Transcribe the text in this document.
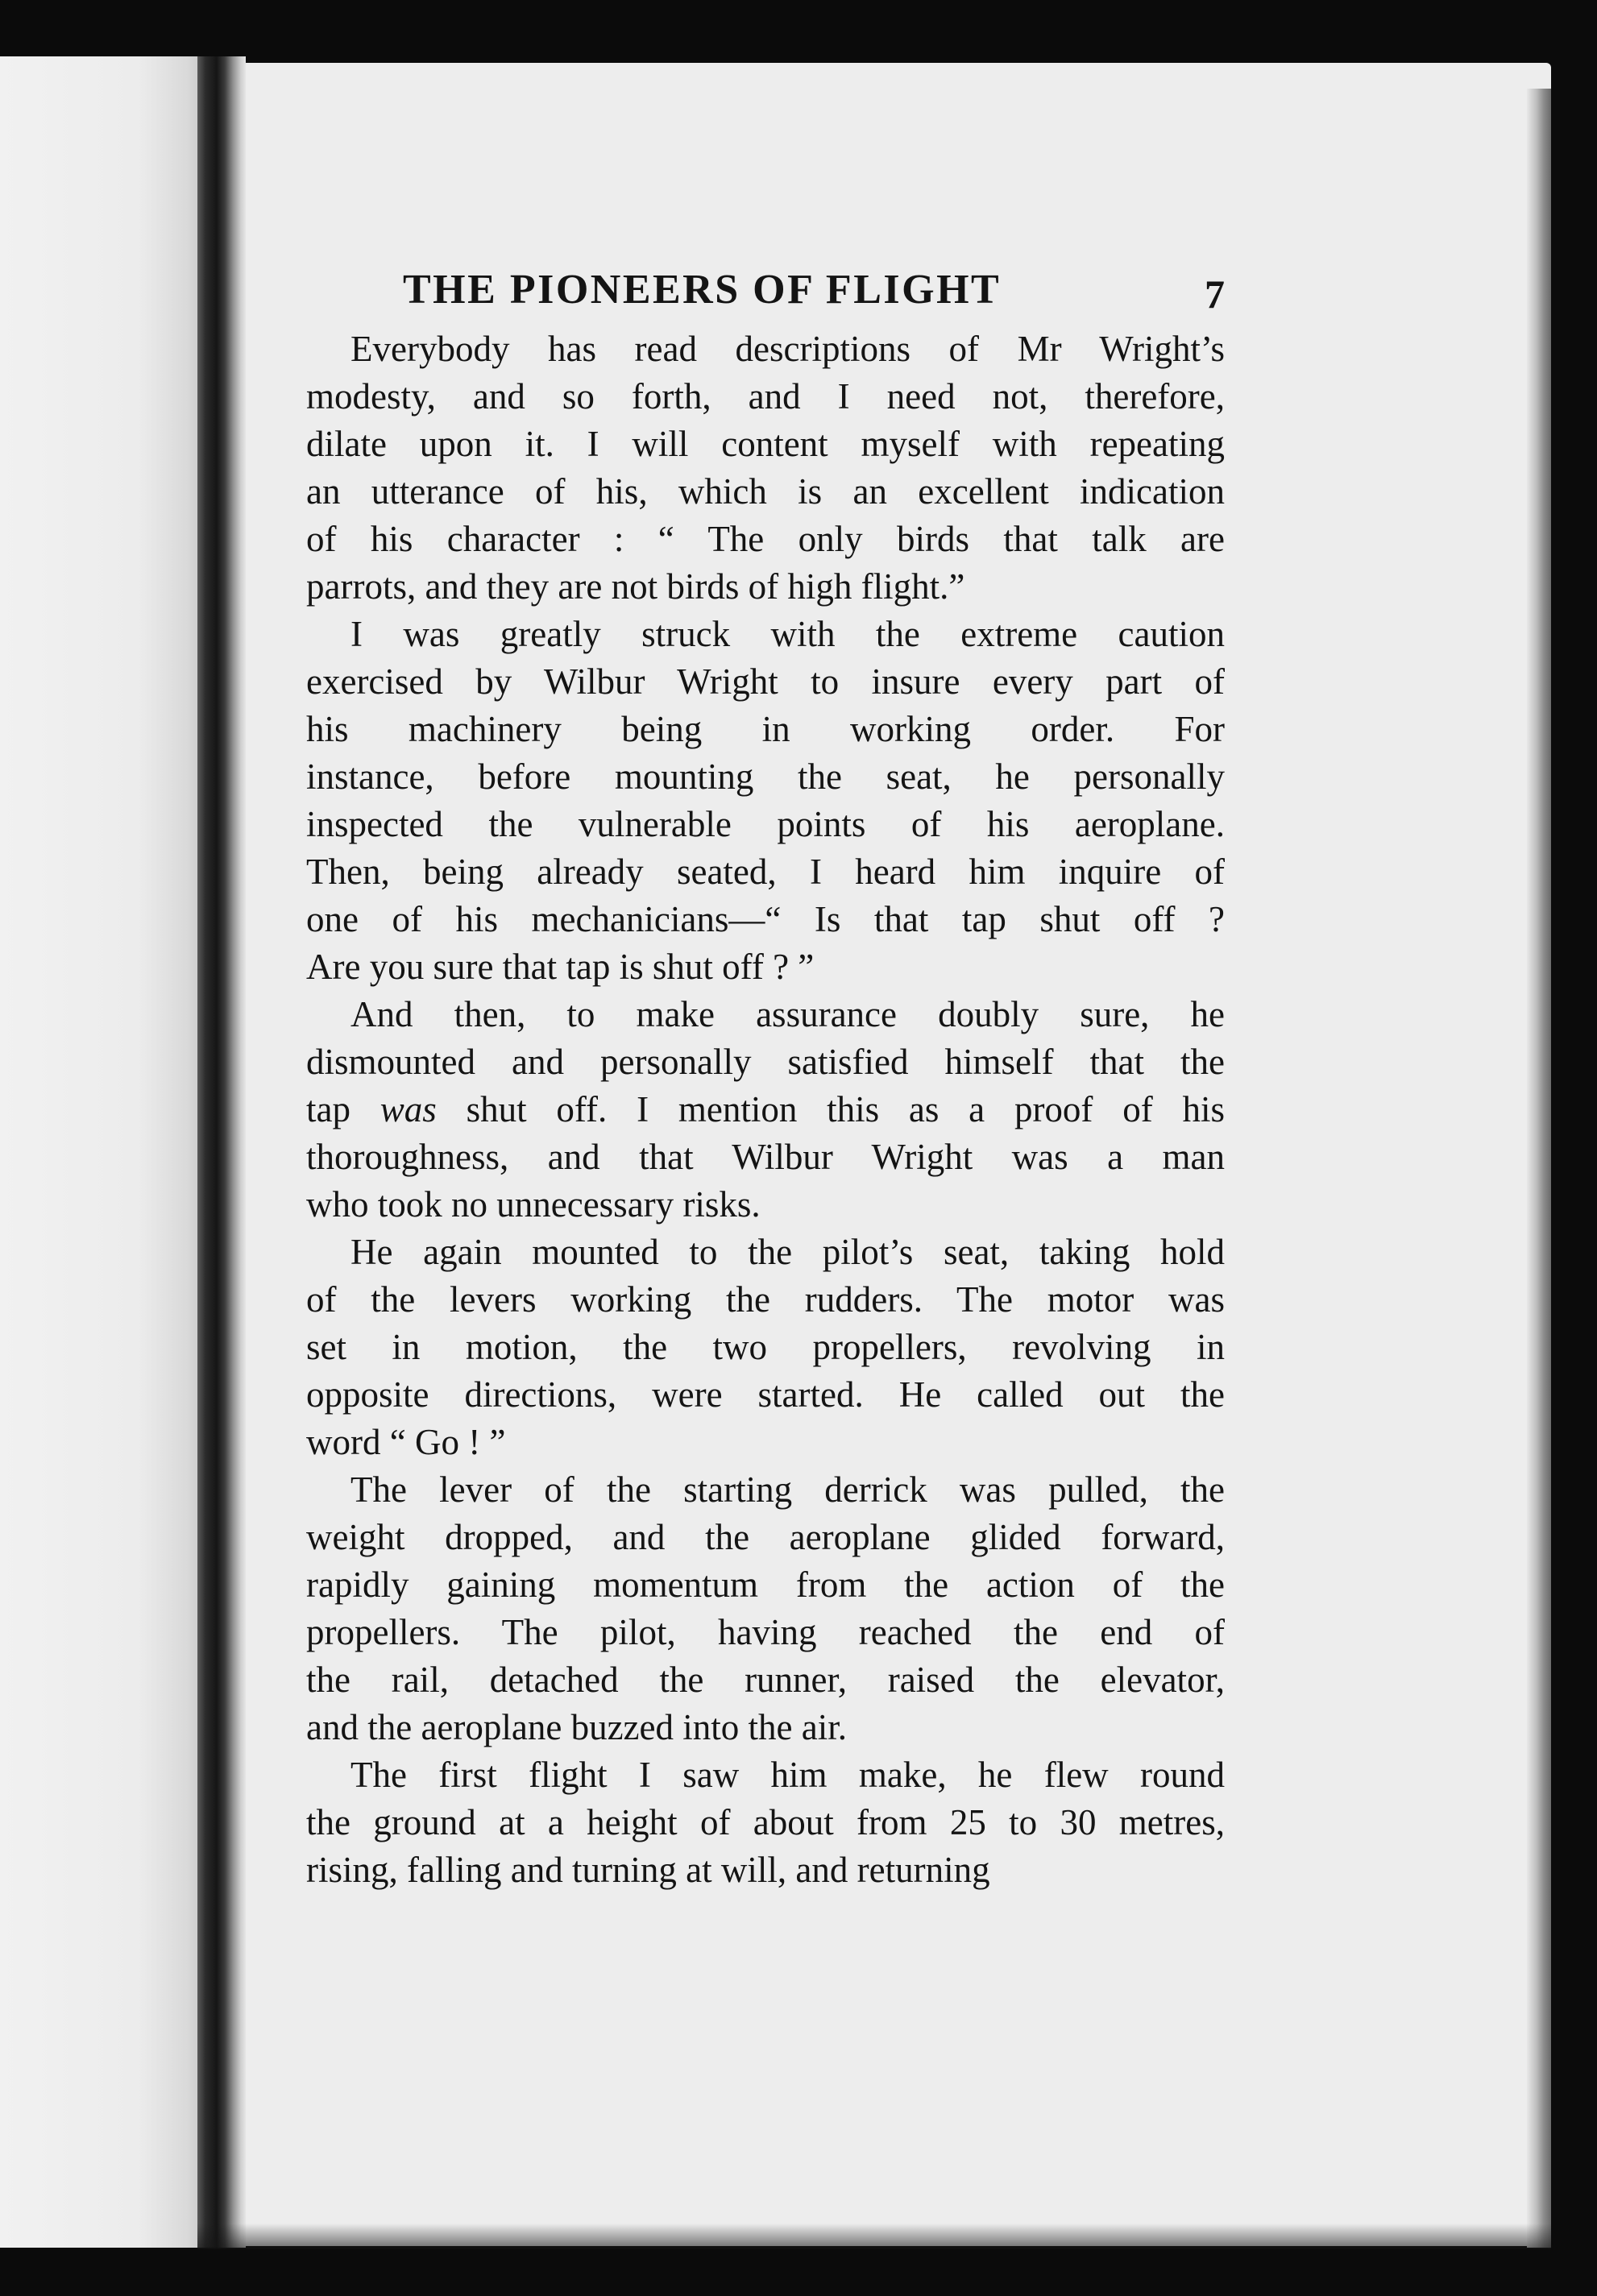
THE PIONEERS OF FLIGHT	7

Everybody has read descriptions of Mr Wright’s
modesty, and so forth, and I need not, therefore,
dilate upon it. I will content myself with repeating
an utterance of his, which is an excellent indication
of his character : “ The only birds that talk are
parrots, and they are not birds of high flight.”

I was greatly struck with the extreme caution
exercised by Wilbur Wright to insure every part of
his machinery being in working order. For
instance, before mounting the seat, he personally
inspected the vulnerable points of his aeroplane.
Then, being already seated, I heard him inquire of
one of his mechanicians—“ Is that tap shut off ?
Are you sure that tap is shut off ? ”

And then, to make assurance doubly sure, he
dismounted and personally satisfied himself that the
tap was shut off. I mention this as a proof of his
thoroughness, and that Wilbur Wright was a man
who took no unnecessary risks.

He again mounted to the pilot’s seat, taking hold
of the levers working the rudders. The motor was
set in motion, the two propellers, revolving in
opposite directions, were started. He called out the
word “ Go ! ”

The lever of the starting derrick was pulled, the
weight dropped, and the aeroplane glided forward,
rapidly gaining momentum from the action of the
propellers. The pilot, having reached the end of
the rail, detached the runner, raised the elevator,
and the aeroplane buzzed into the air.

The first flight I saw him make, he flew round
the ground at a height of about from 25 to 30 metres,
rising, falling and turning at will, and returning
